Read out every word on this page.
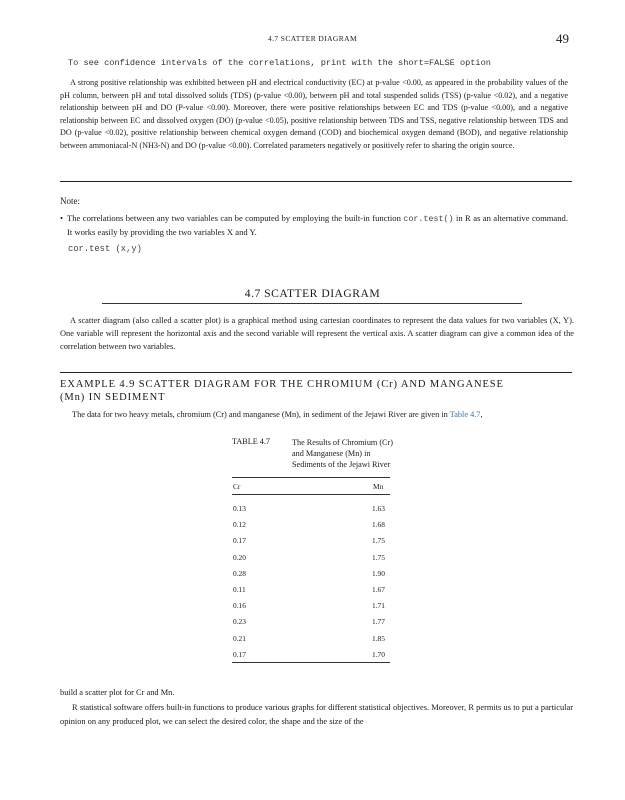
4.7 SCATTER DIAGRAM	49
To see confidence intervals of the correlations, print with the short=FALSE option

A strong positive relationship was exhibited between pH and electrical conductivity (EC) at p-value <0.00, as appeared in the probability values of the pH column, between pH and total dissolved solids (TDS) (p-value <0.00), between pH and total suspended solids (TSS) (p-value <0.02), and a negative relationship between pH and DO (P-value <0.00). Moreover, there were positive relationships between EC and TDS (p-value <0.00), and a negative relationship between EC and dissolved oxygen (DO) (p-value <0.05), positive relationship between TDS and TSS, negative relationship between TDS and DO (p-value <0.02), positive relationship between chemical oxygen demand (COD) and biochemical oxygen demand (BOD), and negative relationship between ammoniacal-N (NH3-N) and DO (p-value <0.00). Correlated parameters negatively or positively refer to sharing the origin source.

Note:
• The correlations between any two variables can be computed by employing the built-in function cor.test() in R as an alternative command. It works easily by providing the two variables X and Y.
cor.test (x,y)
4.7 SCATTER DIAGRAM

A scatter diagram (also called a scatter plot) is a graphical method using cartesian coordinates to represent the data values for two variables (X, Y). One variable will represent the horizontal axis and the second variable will represent the vertical axis. A scatter diagram can give a common idea of the correlation between two variables.

EXAMPLE 4.9 SCATTER DIAGRAM FOR THE CHROMIUM (Cr) AND MANGANESE
(Mn) IN SEDIMENT
The data for two heavy metals, chromium (Cr) and manganese (Mn), in sediment of the Jejawi River are given in Table 4.7,
TABLE 4.7	The Results of Chromium (Cr) and Manganese (Mn) in Sediments of the Jejawi River
Cr	Mn
0.13	1.63
0.12	1.68
0.17	1.75
0.20	1.75
0.28	1.90
0.11	1.67
0.16	1.71
0.23	1.77
0.21	1.85
0.17	1.70

build a scatter plot for Cr and Mn.

R statistical software offers built-in functions to produce various graphs for different statistical objectives. Moreover, R permits us to put a particular opinion on any produced plot, we can select the desired color, the shape and the size of the
